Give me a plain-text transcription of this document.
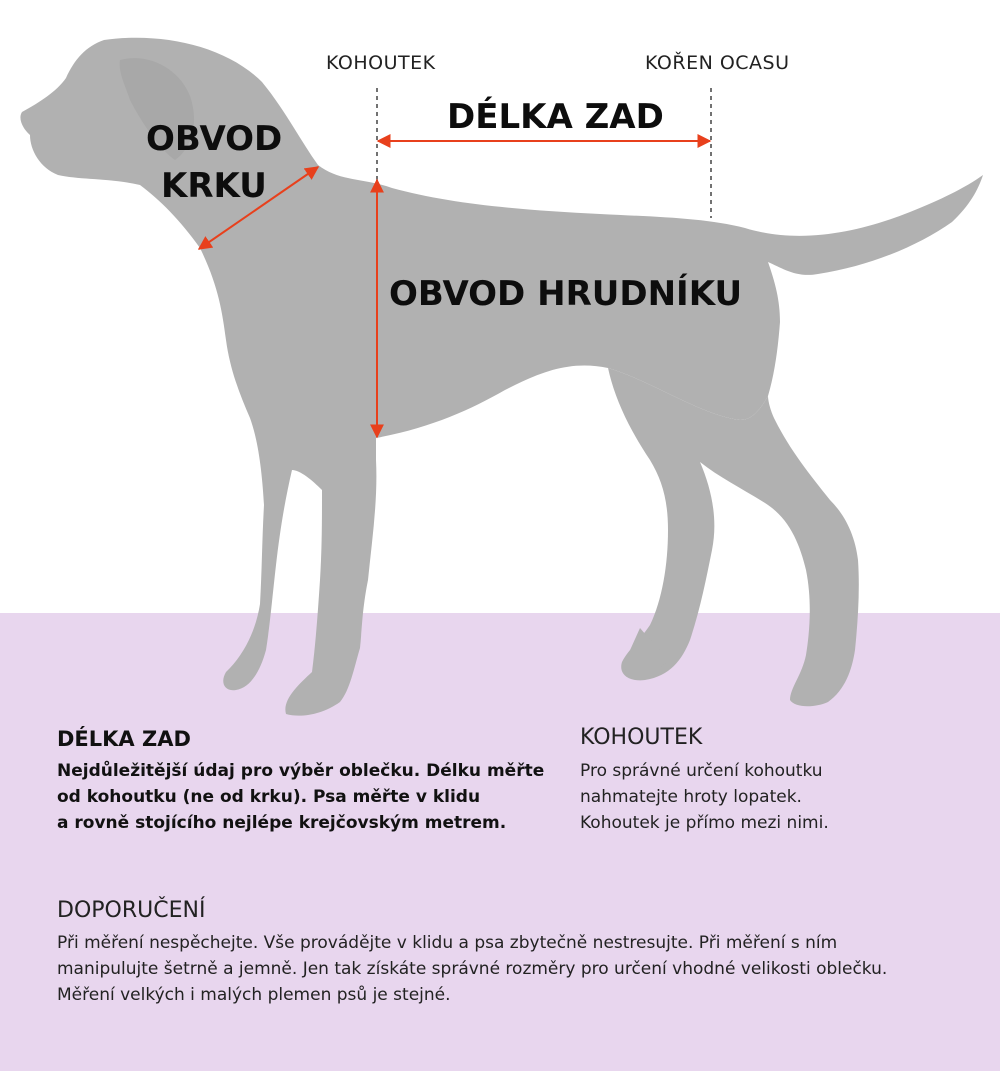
KOHOUTEK	KOŘEN OCASU
DÉLKA ZAD
OBVOD
KRKU
OBVOD HRUDNÍKU
DÉLKA ZAD
Nejdůležitější údaj pro výběr oblečku. Délku měřte
od kohoutku (ne od krku). Psa měřte v klidu
a rovně stojícího nejlépe krejčovským metrem.
KOHOUTEK
Pro správné určení kohoutku
nahmatejte hroty lopatek.
Kohoutek je přímo mezi nimi.
DOPORUČENÍ
Při měření nespěchejte. Vše provádějte v klidu a psa zbytečně nestresujte. Při měření s ním
manipulujte šetrně a jemně. Jen tak získáte správné rozměry pro určení vhodné velikosti oblečku.
Měření velkých i malých plemen psů je stejné.
